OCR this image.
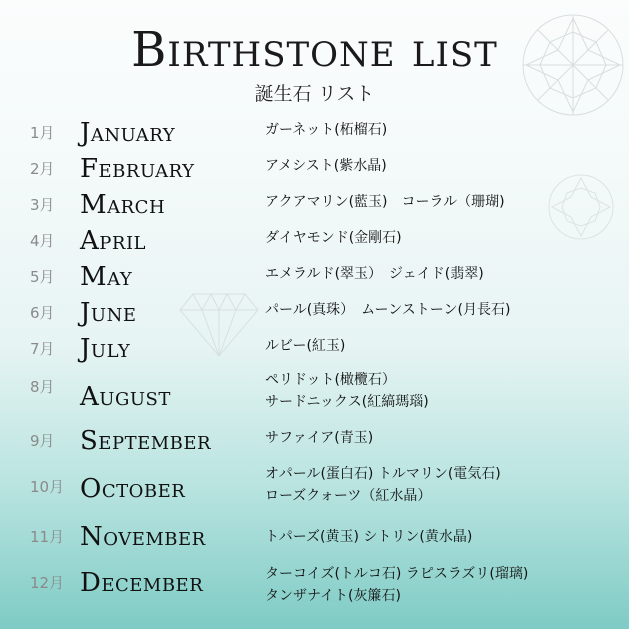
Birthstone list
誕生石 リスト
1月 January	ガーネット(柘榴石)
2月 February	アメシスト(紫水晶)
3月 March	アクアマリン(藍玉)　コーラル（珊瑚)
4月 April	ダイヤモンド(金剛石)
5月 May	エメラルド(翠玉）　ジェイド(翡翠)
6月 June	パール(真珠）　ムーンストーン(月長石)
7月 July	ルビー(紅玉)
8月 August
ペリドット(橄欖石）
サードニックス(紅縞瑪瑙)
9月 September	サファイア(青玉)
10月 October	オパール(蛋白石) トルマリン(電気石)
ローズクォーツ（紅水晶）
11月 November	トパーズ(黄玉) シトリン(黄水晶)
12月 December	ターコイズ(トルコ石) ラピスラズリ(瑠璃)
タンザナイト(灰簾石)
